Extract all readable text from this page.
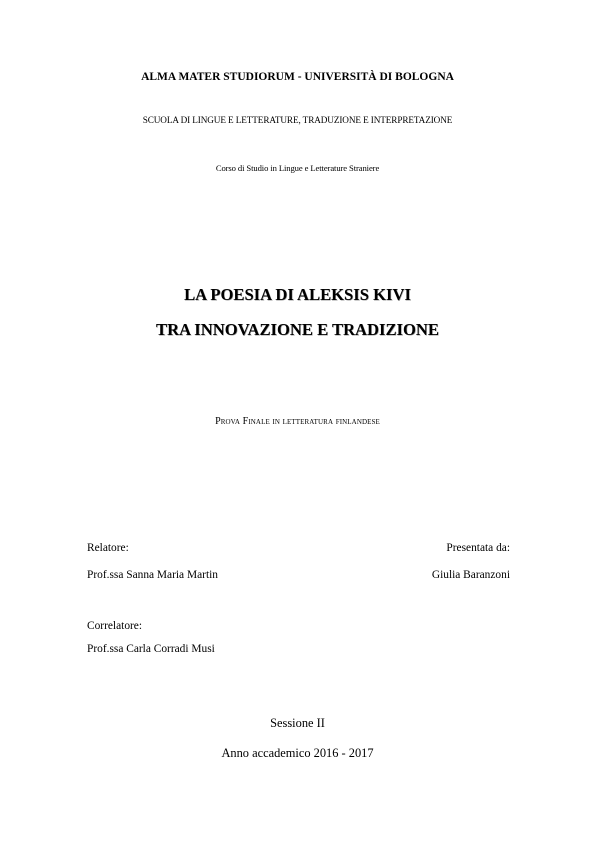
ALMA MATER STUDIORUM - UNIVERSITÀ DI BOLOGNA
SCUOLA DI LINGUE E LETTERATURE, TRADUZIONE E INTERPRETAZIONE
Corso di Studio in Lingue e Letterature Straniere
LA POESIA DI ALEKSIS KIVI
TRA INNOVAZIONE E TRADIZIONE
Prova Finale in letteratura finlandese
Relatore:
Prof.ssa Sanna Maria Martin
Presentata da:
Giulia Baranzoni
Correlatore:
Prof.ssa Carla Corradi Musi
Sessione II
Anno accademico 2016 - 2017
